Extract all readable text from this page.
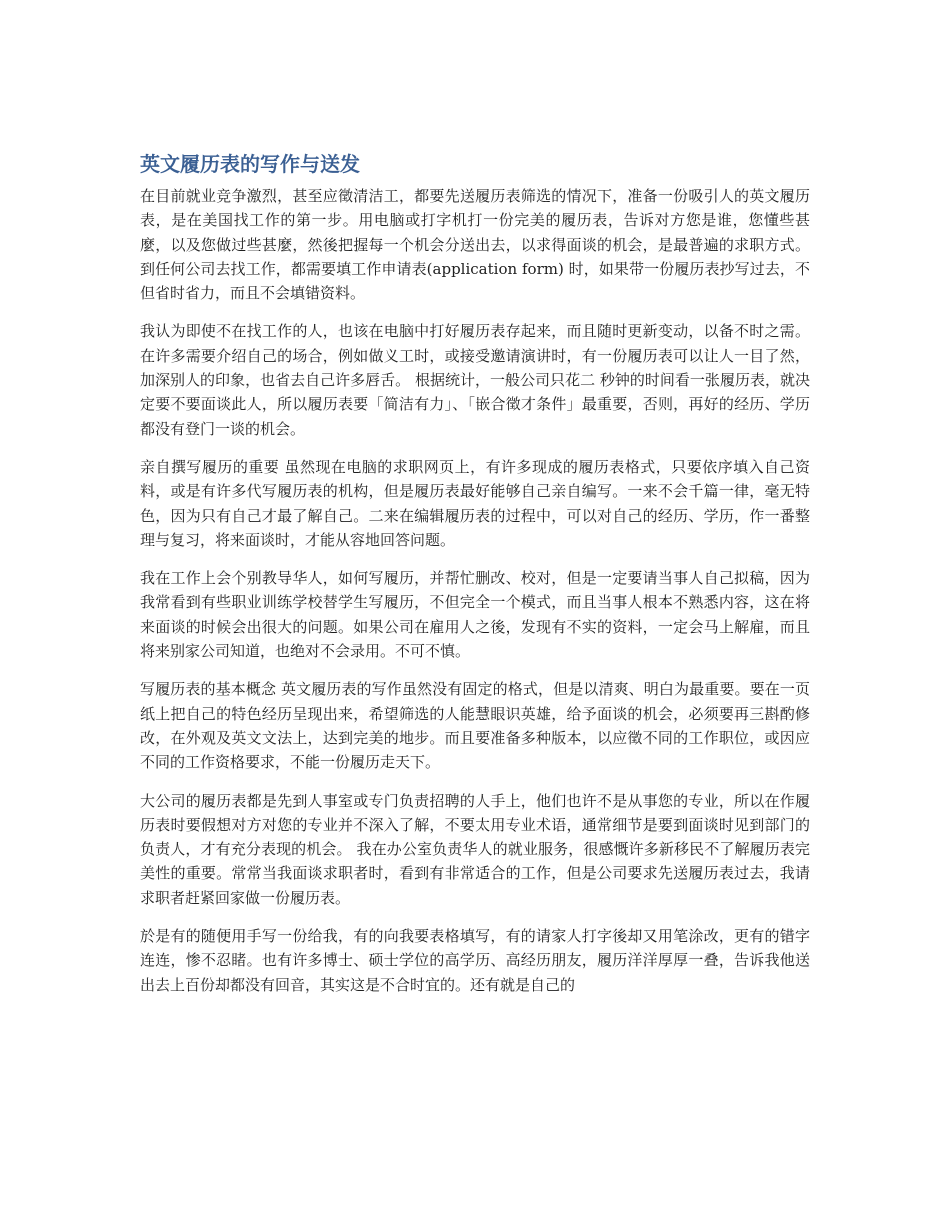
英文履历表的写作与送发

在目前就业竞争激烈，甚至应徵清洁工，都要先送履历表筛选的情况下，准备一份吸引人的英文履历表，是在美国找工作的第一步。用电脑或打字机打一份完美的履历表，告诉对方您是谁，您懂些甚麼，以及您做过些甚麼，然後把握每一个机会分送出去，以求得面谈的机会，是最普遍的求职方式。到任何公司去找工作，都需要填工作申请表(application form) 时，如果带一份履历表抄写过去，不但省时省力，而且不会填错资料。

我认为即使不在找工作的人，也该在电脑中打好履历表存起来，而且随时更新变动，以备不时之需。在许多需要介绍自己的场合，例如做义工时，或接受邀请演讲时，有一份履历表可以让人一目了然，加深别人的印象，也省去自己许多唇舌。 根据统计，一般公司只花二 秒钟的时间看一张履历表，就决定要不要面谈此人，所以履历表要「简洁有力」、「嵌合徵才条件」最重要，否则，再好的经历、学历都没有登门一谈的机会。

亲自撰写履历的重要 虽然现在电脑的求职网页上，有许多现成的履历表格式，只要依序填入自己资料，或是有许多代写履历表的机构，但是履历表最好能够自己亲自编写。一来不会千篇一律，毫无特色，因为只有自己才最了解自己。二来在编辑履历表的过程中，可以对自己的经历、学历，作一番整理与复习，将来面谈时，才能从容地回答问题。

我在工作上会个别教导华人，如何写履历，并帮忙删改、校对，但是一定要请当事人自己拟稿，因为我常看到有些职业训练学校替学生写履历，不但完全一个模式，而且当事人根本不熟悉内容，这在将来面谈的时候会出很大的问题。如果公司在雇用人之後，发现有不实的资料，一定会马上解雇，而且将来别家公司知道，也绝对不会录用。不可不慎。

写履历表的基本概念 英文履历表的写作虽然没有固定的格式，但是以清爽、明白为最重要。要在一页纸上把自己的特色经历呈现出来，希望筛选的人能慧眼识英雄，给予面谈的机会，必须要再三斟酌修改，在外观及英文文法上，达到完美的地步。而且要准备多种版本，以应徵不同的工作职位，或因应不同的工作资格要求，不能一份履历走天下。

大公司的履历表都是先到人事室或专门负责招聘的人手上，他们也许不是从事您的专业，所以在作履历表时要假想对方对您的专业并不深入了解，不要太用专业术语，通常细节是要到面谈时见到部门的负责人，才有充分表现的机会。 我在办公室负责华人的就业服务，很感慨许多新移民不了解履历表完美性的重要。常常当我面谈求职者时，看到有非常适合的工作，但是公司要求先送履历表过去，我请求职者赶紧回家做一份履历表。

於是有的随便用手写一份给我，有的向我要表格填写，有的请家人打字後却又用笔涂改，更有的错字连连，惨不忍睹。也有许多博士、硕士学位的高学历、高经历朋友，履历洋洋厚厚一叠，告诉我他送出去上百份却都没有回音，其实这是不合时宜的。还有就是自己的
